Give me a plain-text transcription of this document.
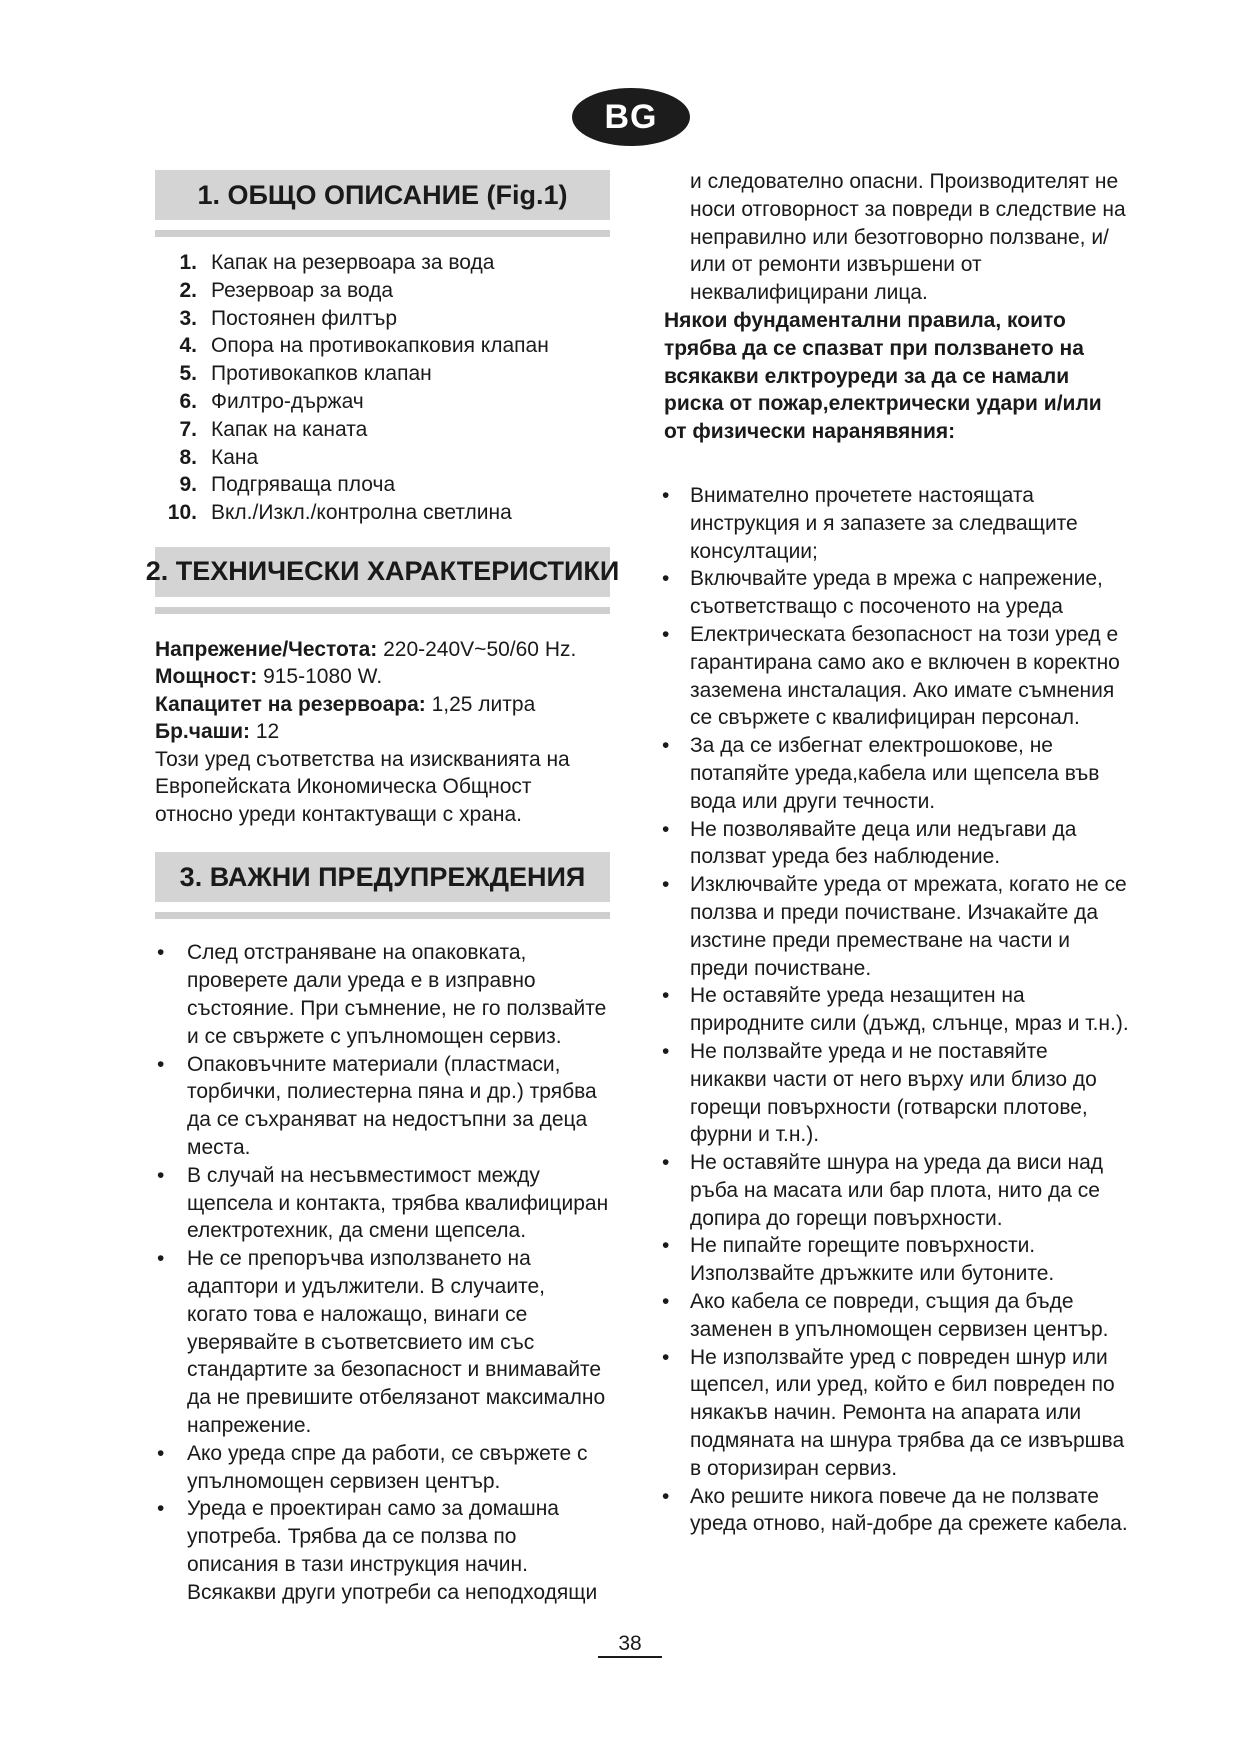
BG
1. ОБЩО ОПИСАНИЕ (Fig.1)
1. Капак на резервоара за вода
2. Резервоар за вода
3. Постоянен филтър
4. Опора на противокапковия клапан
5. Противокапков клапан
6. Филтро-държач
7. Капак на каната
8. Кана
9. Подгряваща плоча
10. Вкл./Изкл./контролна светлина
2. ТЕХНИЧЕСКИ ХАРАКТЕРИСТИКИ
Напрежение/Честота: 220-240V~50/60 Hz.
Мощност: 915-1080 W.
Капацитет на резервоара: 1,25 литра
Бр.чаши: 12
Този уред съответства на изискванията на Европейската Икономическа Общност относно уреди контактуващи с храна.
3. ВАЖНИ ПРЕДУПРЕЖДЕНИЯ
• След отстраняване на опаковката, проверете дали уреда е в изправно състояние. При съмнение, не го ползвайте и се свържете с упълномощен сервиз.
• Опаковъчните материали (пластмаси, торбички, полиестерна пяна и др.) трябва да се съхраняват на недостъпни за деца места.
• В случай на несъвместимост между щепсела и контакта, трябва квалифициран електротехник, да смени щепсела.
• Не се препоръчва използването на адаптори и удължители. В случаите, когато това е наложащо, винаги се уверявайте в съответсвието им със стандартите за безопасност и внимавайте да не превишите отбелязанот максимално напрежение.
• Ако уреда спре да работи, се свържете с упълномощен сервизен център.
• Уреда е проектиран само за домашна употреба. Трябва да се ползва по описания в тази инструкция начин. Всякакви други употреби са неподходящи

и следователно опасни. Производителят не носи отговорност за повреди в следствие на неправилно или безотговорно ползване, и/или от ремонти извършени от неквалифицирани лица.

Някои фундаментални правила, които трябва да се спазват при ползването на всякакви елктроуреди за да се намали риска от пожар,електрически удари и/или от физически наранявяния:

• Внимателно прочетете настоящата инструкция и я запазете за следващите консултации;
• Включвайте уреда в мрежа с напрежение, съответстващо с посоченото на уреда
• Електрическата безопасност на този уред е гарантирана само ако е включен в коректно заземена инсталация. Ако имате съмнения се свържете с квалифициран персонал.
• За да се избегнат електрошокове, не потапяйте уреда,кабела или щепсела във вода или други течности.
• Не позволявайте деца или недъгави да ползват уреда без наблюдение.
• Изключвайте уреда от мрежата, когато не се ползва и преди почистване. Изчакайте да изстине преди преместване на части и преди почистване.
• Не оставяйте уреда незащитен на природните сили (дъжд, слънце, мраз и т.н.).
• Не ползвайте уреда и не поставяйте никакви части от него върху или близо до горещи повърхности (готварски плотове, фурни и т.н.).
• Не оставяйте шнура на уреда да виси над ръба на масата или бар плота, нито да се допира до горещи повърхности.
• Не пипайте горещите повърхности. Използвайте дръжките или бутоните.
• Ако кабела се повреди, същия да бъде заменен в упълномощен сервизен център.
• Не използвайте уред с повреден шнур или щепсел, или уред, който е бил повреден по някакъв начин. Ремонта на апарата или подмяната на шнура трябва да се извършва в оторизиран сервиз.
• Ако решите никога повече да не ползвате уреда отново, най-добре да срежете кабела.
38
